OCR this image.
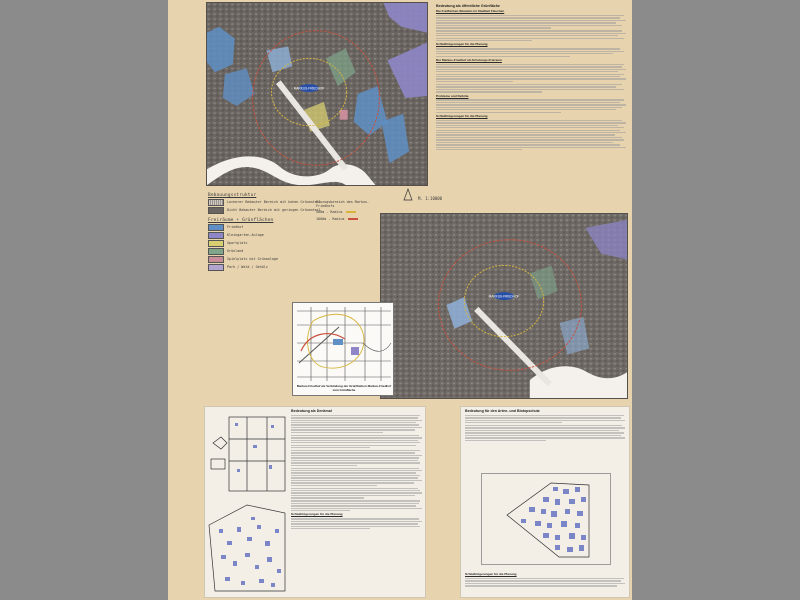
MARKUS-FRIEDHOF
Bedeutung als öffentliche Grünfläche
Die Freiflächen-Situation im Stadtteil Flaschen
Schlußfolgerungen für die Planung
Der Markus-Friedhof als Erholungs-Freiraum
Probleme und Defizite
Schlußfolgerungen für die Planung
Bebauungsstruktur
Lockerer Bebauter Bereich mit hohen Grünanteil
Dicht Bebauter Bereich mit geringen Grünanteil
Freiräume + Grünflächen
Friedhof
Kleingarten-Anlage
Sportplatz
Grünland
Spielplatz mit Grünanlage
Park / Wald / Gehölz
Einzugsbereich des Markus-Friedhofs
500m - Radius
1000m - Radius
M. 1:10000
MARKUS-FRIEDHOF
Markus-Friedhof als Verbindung der Grünflächen Markus-Friedhof zum Grünfläche
Bedeutung als Denkmal
Schlußfolgerungen für die Planung
Bedeutung für den Arten- und Biotopschutz
Schlußfolgerungen für die Planung
